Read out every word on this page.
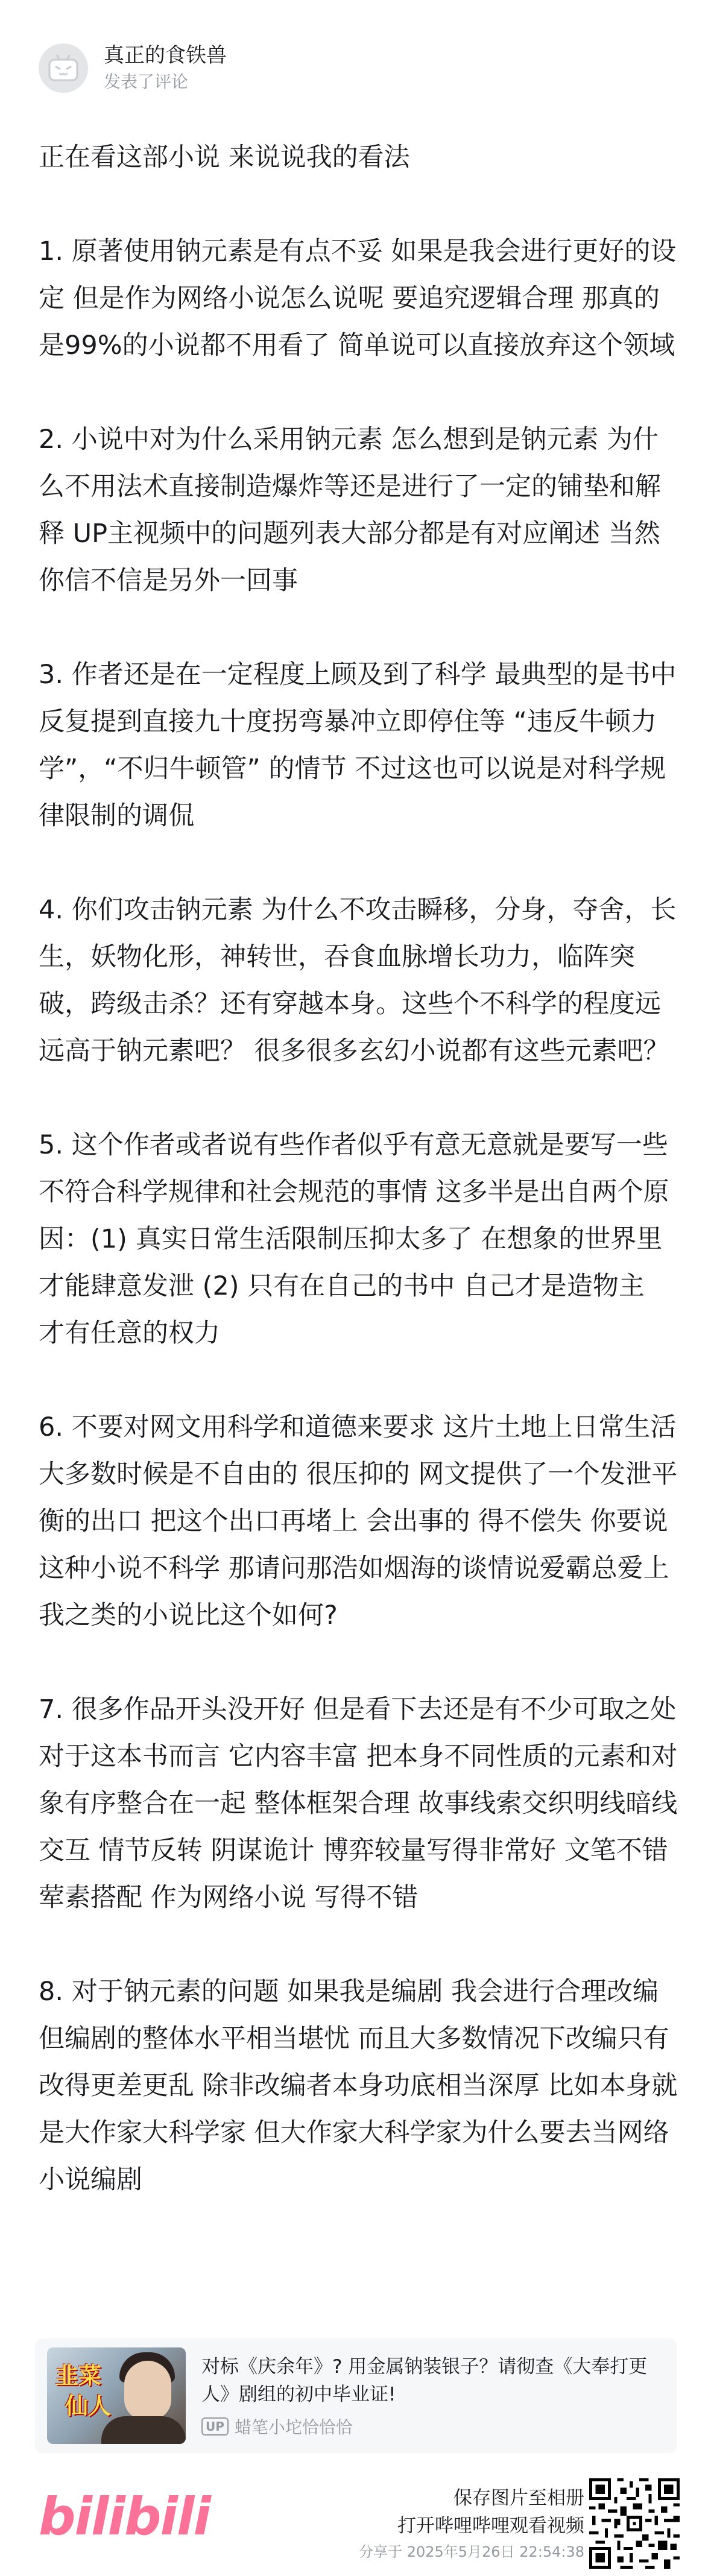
真正的食铁兽
发表了评论

正在看这部小说 来说说我的看法

1. 原著使用钠元素是有点不妥 如果是我会进行更好的设定 但是作为网络小说怎么说呢 要追究逻辑合理 那真的是99%的小说都不用看了 简单说可以直接放弃这个领域

2. 小说中对为什么采用钠元素 怎么想到是钠元素 为什么不用法术直接制造爆炸等还是进行了一定的铺垫和解释 UP主视频中的问题列表大部分都是有对应阐述 当然你信不信是另外一回事

3. 作者还是在一定程度上顾及到了科学 最典型的是书中反复提到直接九十度拐弯暴冲立即停住等 “违反牛顿力学”，“不归牛顿管” 的情节 不过这也可以说是对科学规律限制的调侃

4. 你们攻击钠元素 为什么不攻击瞬移，分身，夺舍，长生，妖物化形，神转世，吞食血脉增长功力，临阵突破，跨级击杀？还有穿越本身。这些个不科学的程度远远高于钠元素吧？ 很多很多玄幻小说都有这些元素吧？

5. 这个作者或者说有些作者似乎有意无意就是要写一些不符合科学规律和社会规范的事情 这多半是出自两个原因：(1) 真实日常生活限制压抑太多了 在想象的世界里才能肆意发泄 (2) 只有在自己的书中 自己才是造物主 才有任意的权力

6. 不要对网文用科学和道德来要求 这片土地上日常生活大多数时候是不自由的 很压抑的 网文提供了一个发泄平衡的出口 把这个出口再堵上 会出事的 得不偿失 你要说这种小说不科学 那请问那浩如烟海的谈情说爱霸总爱上我之类的小说比这个如何?

7. 很多作品开头没开好 但是看下去还是有不少可取之处 对于这本书而言 它内容丰富 把本身不同性质的元素和对象有序整合在一起 整体框架合理 故事线索交织明线暗线交互 情节反转 阴谋诡计 博弈较量写得非常好 文笔不错 荤素搭配 作为网络小说 写得不错

8. 对于钠元素的问题 如果我是编剧 我会进行合理改编 但编剧的整体水平相当堪忧 而且大多数情况下改编只有改得更差更乱 除非改编者本身功底相当深厚 比如本身就是大作家大科学家 但大作家大科学家为什么要去当网络小说编剧

韭菜
仙人
对标《庆余年》? 用金属钠装银子？请彻查《大奉打更人》剧组的初中毕业证!
UP 蜡笔小坨恰恰恰
bilibili	保存图片至相册
打开哔哩哔哩观看视频
分享于 2025年5月26日 22:54:38
